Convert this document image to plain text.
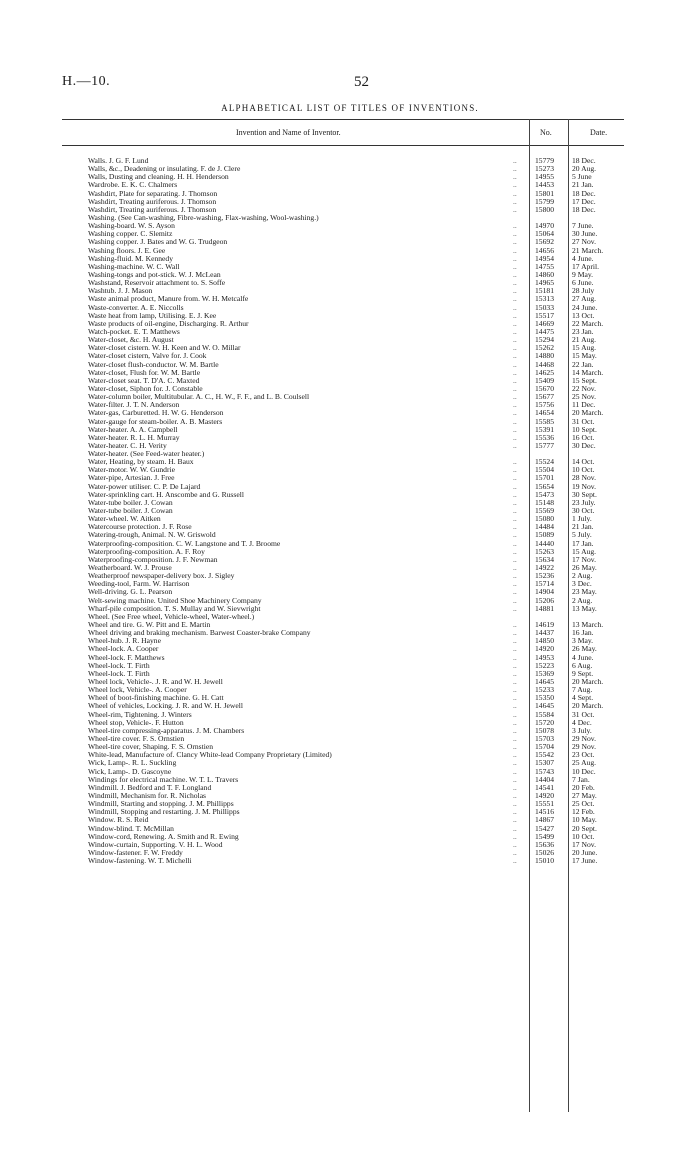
H.—10.	52
ALPHABETICAL LIST OF TITLES OF INVENTIONS.
Invention and Name of Inventor.	No.	Date.
Walls. J. G. F. Lund	.. 15779	18 Dec.
Walls, &c., Deadening or insulating. F. de J. Clere	.. 15273	20 Aug.
Walls, Dusting and cleaning. H. H. Henderson	.. 14955	5 June
Wardrobe. E. K. C. Chalmers	.. 14453	21 Jan.
Washdirt, Plate for separating. J. Thomson	.. 15801	18 Dec.
Washdirt, Treating auriferous. J. Thomson	.. 15799	17 Dec.
Washdirt, Treating auriferous. J. Thomson	.. 15800	18 Dec.
Washing. (See Can-washing, Fibre-washing, Flax-washing, Wool-washing.)
Washing-board. W. S. Ayson	.. 14970	7 June.
Washing copper. C. Slemitz	.. 15064	30 June.
Washing copper. J. Bates and W. G. Trudgeon	.. 15692	27 Nov.
Washing floors. J. E. Gee	.. 14656	21 March.
Washing-fluid. M. Kennedy	.. 14954	4 June.
Washing-machine. W. C. Wall	.. 14755	17 April.
Washing-tongs and pot-stick. W. J. McLean	.. 14860	9 May.
Washstand, Reservoir attachment to. S. Soffe	.. 14965	6 June.
Washtub. J. J. Mason	.. 15181	28 July
Waste animal product, Manure from. W. H. Metcalfe	.. 15313	27 Aug.
Waste-converter. A. E. Niccolls	.. 15033	24 June.
Waste heat from lamp, Utilising. E. J. Kee	.. 15517	13 Oct.
Waste products of oil-engine, Discharging. R. Arthur	.. 14669	22 March.
Watch-pocket. E. T. Matthews	.. 14475	23 Jan.
Water-closet, &c. H. August	.. 15294	21 Aug.
Water-closet cistern. W. H. Keen and W. O. Millar	.. 15262	15 Aug.
Water-closet cistern, Valve for. J. Cook	.. 14880	15 May.
Water-closet flush-conductor. W. M. Bartle	.. 14468	22 Jan.
Water-closet, Flush for. W. M. Bartle	.. 14625	14 March.
Water-closet seat. T. D'A. C. Maxted	.. 15409	15 Sept.
Water-closet, Siphon for. J. Constable	.. 15670	22 Nov.
Water-column boiler, Multitubular. A. C., H. W., F. F., and L. B. Coulsell	.. 15677	25 Nov.
Water-filter. J. T. N. Anderson	.. 15756	11 Dec.
Water-gas, Carburetted. H. W. G. Henderson	.. 14654	20 March.
Water-gauge for steam-boiler. A. B. Masters	.. 15585	31 Oct.
Water-heater. A. A. Campbell	.. 15391	10 Sept.
Water-heater. R. L. H. Murray	.. 15536	16 Oct.
Water-heater. C. H. Verity	.. 15777	30 Dec.
Water-heater. (See Feed-water heater.)
Water, Heating, by steam. H. Baux	.. 15524	14 Oct.
Water-motor. W. W. Gundrie	.. 15504	10 Oct.
Water-pipe, Artesian. J. Free	.. 15701	28 Nov.
Water-power utiliser. C. P. De Lajard	.. 15654	19 Nov.
Water-sprinkling cart. H. Anscombe and G. Russell	.. 15473	30 Sept.
Water-tube boiler. J. Cowan	.. 15148	23 July.
Water-tube boiler. J. Cowan	.. 15569	30 Oct.
Water-wheel. W. Aitken	.. 15080	1 July.
Watercourse protection. J. F. Rose	.. 14484	21 Jan.
Watering-trough, Animal. N. W. Griswold	.. 15089	5 July.
Waterproofing-composition. C. W. Langstone and T. J. Broome	.. 14440	17 Jan.
Waterproofing-composition. A. F. Roy	.. 15263	15 Aug.
Waterproofing-composition. J. F. Newman	.. 15634	17 Nov.
Weatherboard. W. J. Prouse	.. 14922	26 May.
Weatherproof newspaper-delivery box. J. Sigley	.. 15236	2 Aug.
Weeding-tool, Farm. W. Harrison	.. 15714	3 Dec.
Well-driving. G. L. Pearson	.. 14904	23 May.
Welt-sewing machine. United Shoe Machinery Company	.. 15206	2 Aug.
Wharf-pile composition. T. S. Mullay and W. Sievwright	.. 14881	13 May.
Wheel. (See Free wheel, Vehicle-wheel, Water-wheel.)
Wheel and tire. G. W. Pitt and E. Martin	.. 14619	13 March.
Wheel driving and braking mechanism. Barwest Coaster-brake Company	.. 14437	16 Jan.
Wheel-hub. J. R. Hayne	.. 14850	3 May.
Wheel-lock. A. Cooper	.. 14920	26 May.
Wheel-lock. F. Matthews	.. 14953	4 June.
Wheel-lock. T. Firth	.. 15223	6 Aug.
Wheel-lock. T. Firth	.. 15369	9 Sept.
Wheel lock, Vehicle-. J. R. and W. H. Jewell	.. 14645	20 March.
Wheel lock, Vehicle-. A. Cooper	.. 15233	7 Aug.
Wheel of boot-finishing machine. G. H. Catt	.. 15350	4 Sept.
Wheel of vehicles, Locking. J. R. and W. H. Jewell	.. 14645	20 March.
Wheel-rim, Tightening. J. Winters	.. 15584	31 Oct.
Wheel stop, Vehicle-. F. Hutton	.. 15720	4 Dec.
Wheel-tire compressing-apparatus. J. M. Chambers	.. 15078	3 July.
Wheel-tire cover. F. S. Ornstien	.. 15703	29 Nov.
Wheel-tire cover, Shaping. F. S. Ornstien	.. 15704	29 Nov.
White-lead, Manufacture of. Clancy White-lead Company Proprietary (Limited)	.. 15542	23 Oct.
Wick, Lamp-. R. L. Suckling	.. 15307	25 Aug.
Wick, Lamp-. D. Gascoyne	.. 15743	10 Dec.
Windings for electrical machine. W. T. L. Travers	.. 14404	7 Jan.
Windmill. J. Bedford and T. F. Longland	.. 14541	20 Feb.
Windmill, Mechanism for. R. Nicholas	.. 14920	27 May.
Windmill, Starting and stopping. J. M. Phillipps	.. 15551	25 Oct.
Windmill, Stopping and restarting. J. M. Phillipps	.. 14516	12 Feb.
Window. R. S. Reid	.. 14867	10 May.
Window-blind. T. McMillan	.. 15427	20 Sept.
Window-cord, Renewing. A. Smith and R. Ewing	.. 15499	10 Oct.
Window-curtain, Supporting. V. H. L. Wood	.. 15636	17 Nov.
Window-fastener. F. W. Freddy	.. 15026	20 June.
Window-fastening. W. T. Michelli	.. 15010	17 June.
